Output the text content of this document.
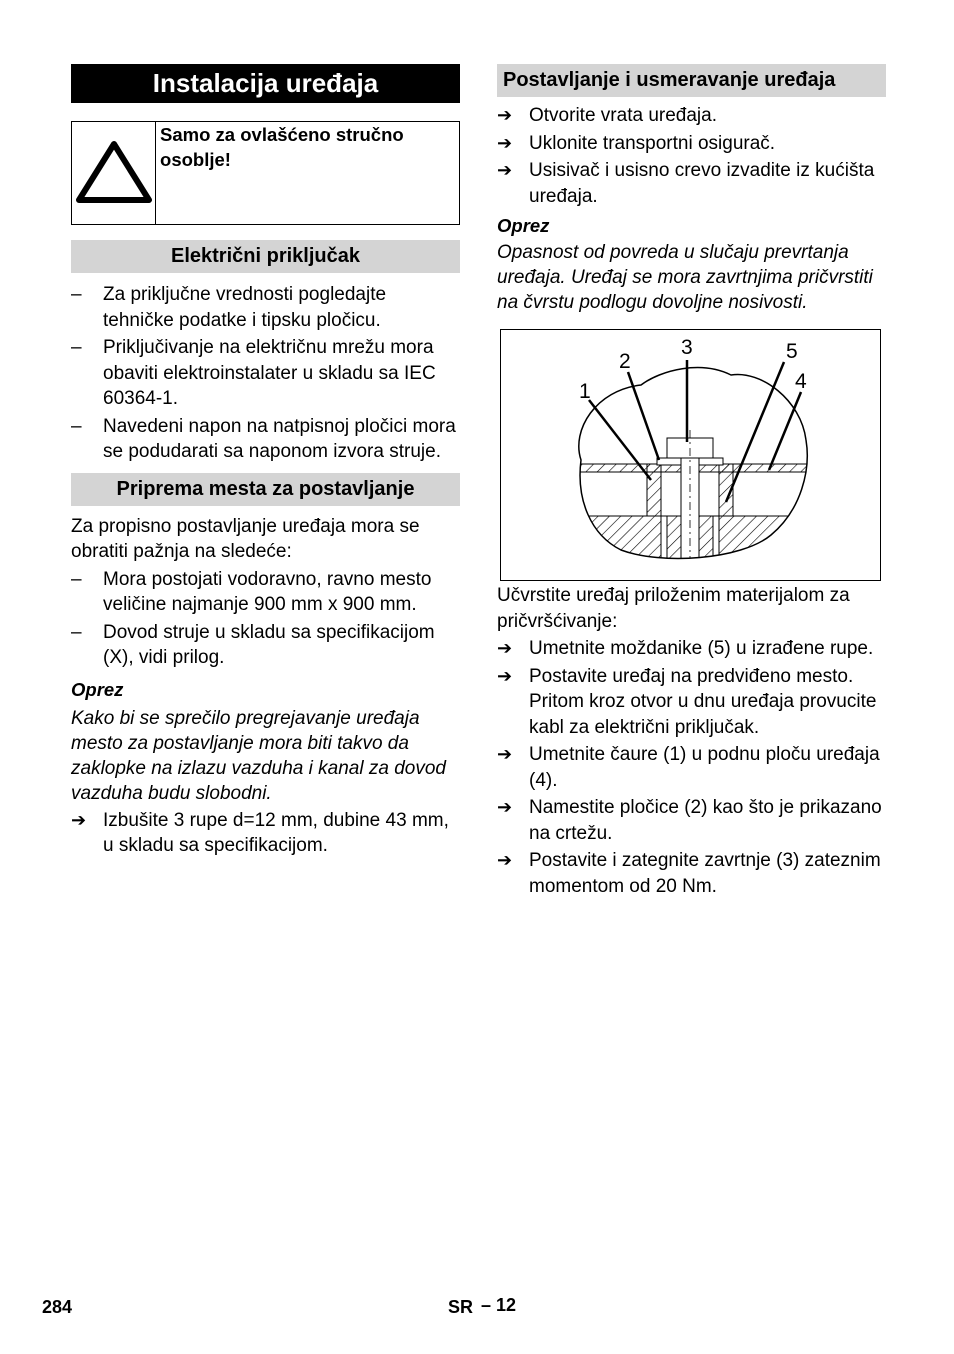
Instalacija uređaja
Samo za ovlašćeno stručno osoblje!
Električni priključak
–	Za priključne vrednosti pogledajte tehničke podatke i tipsku pločicu.
–	Priključivanje na električnu mrežu mora obaviti elektroinstalater u skladu sa IEC 60364-1.
–	Navedeni napon na natpisnoj pločici mora se podudarati sa naponom izvora struje.
Priprema mesta za postavljanje
Za propisno postavljanje uređaja mora se obratiti pažnja na sledeće:
–	Mora postojati vodoravno, ravno mesto veličine najmanje 900 mm x 900 mm.
–	Dovod struje u skladu sa specifikacijom (X), vidi prilog.
Oprez
Kako bi se sprečilo pregrejavanje uređaja mesto za postavljanje mora biti takvo da zaklopke na izlazu vazduha i kanal za dovod vazduha budu slobodni.
➔ Izbušite 3 rupe d=12 mm, dubine 43 mm, u skladu sa specifikacijom.
Postavljanje i usmeravanje uređaja
➔ Otvorite vrata uređaja.
➔ Uklonite transportni osigurač.
➔ Usisivač i usisno crevo izvadite iz kućišta uređaja.
Oprez
Opasnost od povreda u slučaju prevrtanja uređaja. Uređaj se mora zavrtnjima pričvrstiti na čvrstu podlogu dovoljne nosivosti.
1
2
3
4
5
Učvrstite uređaj priloženim materijalom za pričvršćivanje:
➔ Umetnite moždanike (5) u izrađene rupe.
➔ Postavite uređaj na predviđeno mesto. Pritom kroz otvor u dnu uređaja provucite kabl za električni priključak.
➔ Umetnite čaure (1) u podnu ploču uređaja (4).
➔ Namestite pločice (2) kao što je prikazano na crtežu.
➔ Postavite i zategnite zavrtnje (3) zateznim momentom od 20 Nm.
284	SR – 12
